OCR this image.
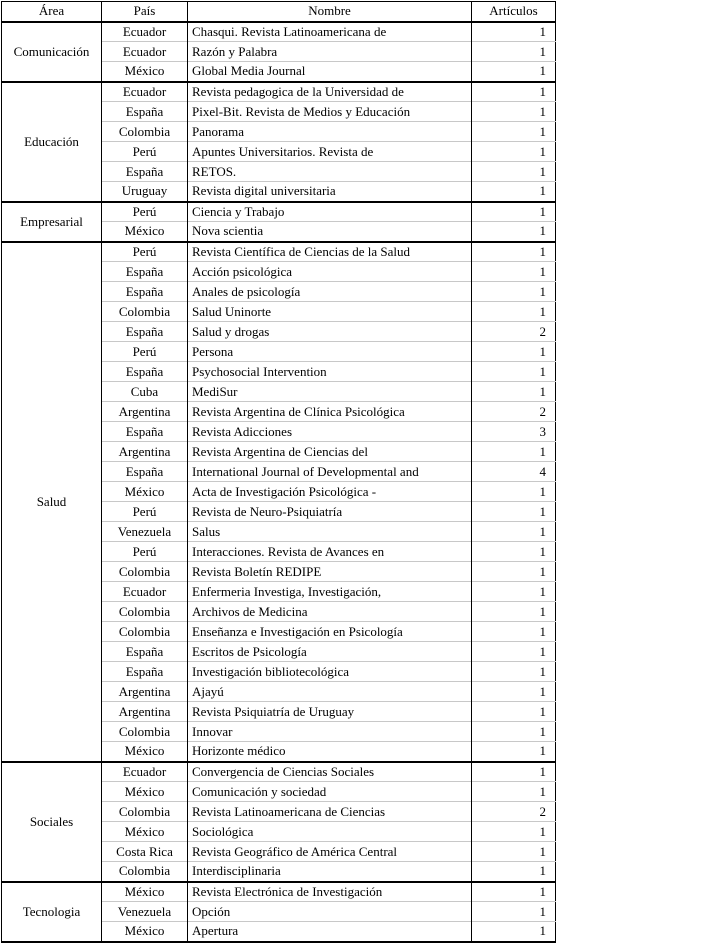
Área	País	Nombre	Artículos
Comunicación	Ecuador	Chasqui. Revista Latinoamericana de	1
	Ecuador	Razón y Palabra	1
	México	Global Media Journal	1
Educación	Ecuador	Revista pedagogica de la Universidad de	1
	España	Pixel-Bit. Revista de Medios y Educación	1
	Colombia	Panorama	1
	Perú	Apuntes Universitarios. Revista de	1
	España	RETOS.	1
	Uruguay	Revista digital universitaria	1
Empresarial	Perú	Ciencia y Trabajo	1
	México	Nova scientia	1
Salud	Perú	Revista Científica de Ciencias de la Salud	1
	España	Acción psicológica	1
	España	Anales de psicología	1
	Colombia	Salud Uninorte	1
	España	Salud y drogas	2
	Perú	Persona	1
	España	Psychosocial Intervention	1
	Cuba	MediSur	1
	Argentina	Revista Argentina de Clínica Psicológica	2
	España	Revista Adicciones	3
	Argentina	Revista Argentina de Ciencias del	1
	España	International Journal of Developmental and	4
	México	Acta de Investigación Psicológica -	1
	Perú	Revista de Neuro-Psiquiatría	1
	Venezuela	Salus	1
	Perú	Interacciones. Revista de Avances en	1
	Colombia	Revista Boletín REDIPE	1
	Ecuador	Enfermeria Investiga, Investigación,	1
	Colombia	Archivos de Medicina	1
	Colombia	Enseñanza e Investigación en Psicología	1
	España	Escritos de Psicología	1
	España	Investigación bibliotecológica	1
	Argentina	Ajayú	1
	Argentina	Revista Psiquiatría de Uruguay	1
	Colombia	Innovar	1
	México	Horizonte médico	1
Sociales	Ecuador	Convergencia de Ciencias Sociales	1
	México	Comunicación y sociedad	1
	Colombia	Revista Latinoamericana de Ciencias	2
	México	Sociológica	1
	Costa Rica	Revista Geográfico de América Central	1
	Colombia	Interdisciplinaria	1
Tecnologia	México	Revista Electrónica de Investigación	1
	Venezuela	Opción	1
	México	Apertura	1
